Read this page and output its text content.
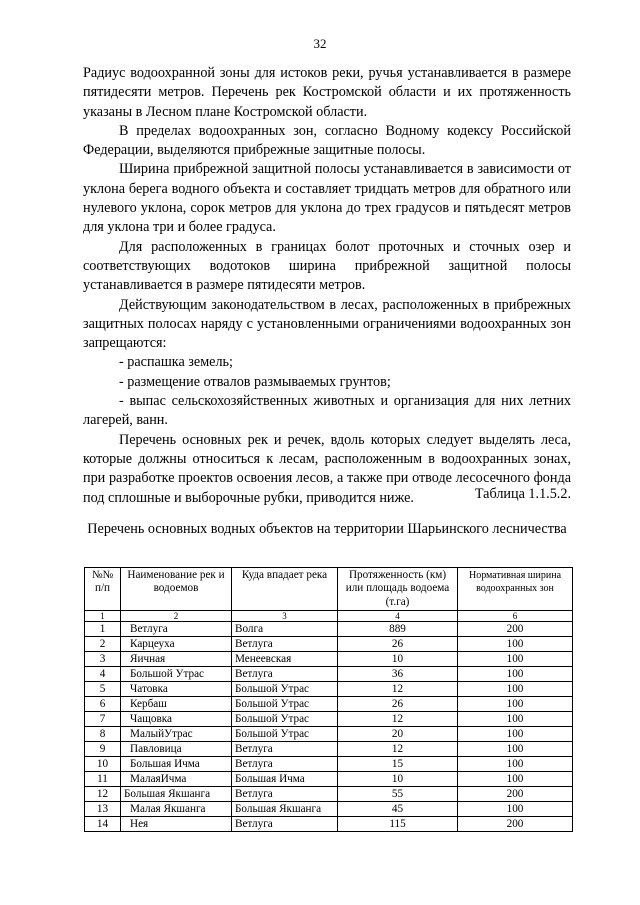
32

Радиус водоохранной зоны для истоков реки, ручья устанавливается в размере пятидесяти метров. Перечень рек Костромской области и их протяженность указаны в Лесном плане Костромской области.

В пределах водоохранных зон, согласно Водному кодексу Российской Федерации, выделяются прибрежные защитные полосы.

Ширина прибрежной защитной полосы устанавливается в зависимости от уклона берега водного объекта и составляет тридцать метров для обратного или нулевого уклона, сорок метров для уклона до трех градусов и пятьдесят метров для уклона три и более градуса.

Для расположенных в границах болот проточных и сточных озер и соответствующих водотоков ширина прибрежной защитной полосы устанавливается в размере пятидесяти метров.

Действующим законодательством в лесах, расположенных в прибрежных защитных полосах наряду с установленными ограничениями водоохранных зон запрещаются:

- распашка земель;

- размещение отвалов размываемых грунтов;

- выпас сельскохозяйственных животных и организация для них летних лагерей, ванн.

Перечень основных рек и речек, вдоль которых следует выделять леса, которые должны относиться к лесам, расположенным в водоохранных зонах, при разработке проектов освоения лесов, а также при отводе лесосечного фонда под сплошные и выборочные рубки, приводится ниже.	Таблица 1.1.5.2.
Перечень основных водных объектов на территории Шарьинского лесничества
№№ п/п	Наименование рек и водоемов	Куда впадает река	Протяженность (км) или площадь водоема (т.га)	Нормативная ширина водоохранных зон
1	2	3	4	6
1	Ветлуга	Волга	889	200
2	Карцеуха	Ветлуга	26	100
3	Яичная	Менеевская	10	100
4	Большой Утрас	Ветлуга	36	100
5	Чатовка	Большой Утрас	12	100
6	Кербаш	Большой Утрас	26	100
7	Чащовка	Большой Утрас	12	100
8	МалыйУтрас	Большой Утрас	20	100
9	Павловица	Ветлуга	12	100
10	Большая Ичма	Ветлуга	15	100
11	МалаяИчма	Большая Ичма	10	100
12	Большая Якшанга	Ветлуга	55	200
13	Малая Якшанга	Большая Якшанга	45	100
14	Нея	Ветлуга	115	200
